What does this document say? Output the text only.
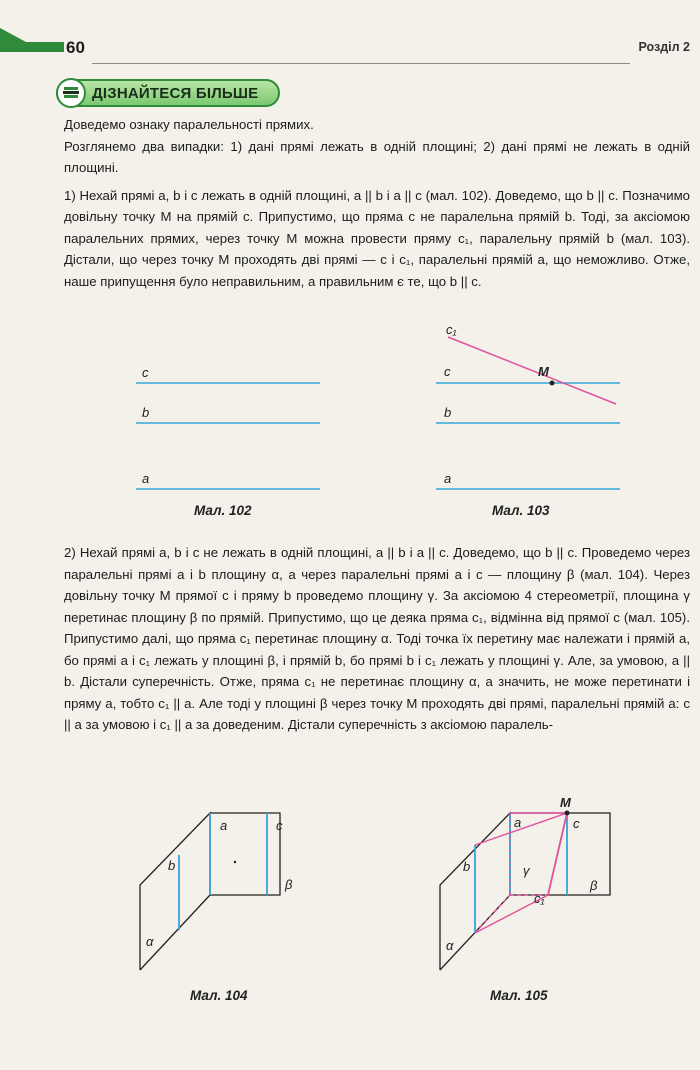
60	Розділ 2
ДІЗНАЙТЕСЯ БІЛЬШЕ

Доведемо ознаку паралельності прямих.

Розглянемо два випадки: 1) дані прямі лежать в одній площині; 2) дані прямі не лежать в одній площині.

1) Нехай прямі a, b і c лежать в одній площині, a || b і a || c (мал. 102). Доведемо, що b || c. Позначимо довільну точку M на прямій c. Припустимо, що пряма c не паралельна прямій b. Тоді, за аксіомою паралельних прямих, через точку M можна провести пряму c₁, паралельну прямій b (мал. 103). Дістали, що через точку M проходять дві прямі — c і c₁, паралельні прямій a, що неможливо. Отже, наше припущення було неправильним, а правильним є те, що b || c.

c
b
a
Мал. 102
c₁
c	M
b
a
Мал. 103

2) Нехай прямі a, b і c не лежать в одній площині, a || b і a || c. Доведемо, що b || c. Проведемо через паралельні прямі a і b площину α, а через паралельні прямі a і c — площину β (мал. 104). Через довільну точку M прямої c і пряму b проведемо площину γ. За аксіомою 4 стереометрії, площина γ перетинає площину β по прямій. Припустимо, що це деяка пряма c₁, відмінна від прямої c (мал. 105). Припустимо далі, що пряма c₁ перетинає площину α. Тоді точка їх перетину має належати і прямій a, бо прямі a і c₁ лежать у площині β, і прямій b, бо прямі b і c₁ лежать у площині γ. Але, за умовою, a || b. Дістали суперечність. Отже, пряма c₁ не перетинає площину α, а значить, не може перетинати і пряму a, тобто c₁ || a. Але тоді у площині β через точку M проходять дві прямі, паралельні прямій a: c || a за умовою і c₁ || a за доведеним. Дістали суперечність з аксіомою паралель-

a	c
b
β
α
Мал. 104
M
a	c
b	γ
c₁
β
α
Мал. 105
